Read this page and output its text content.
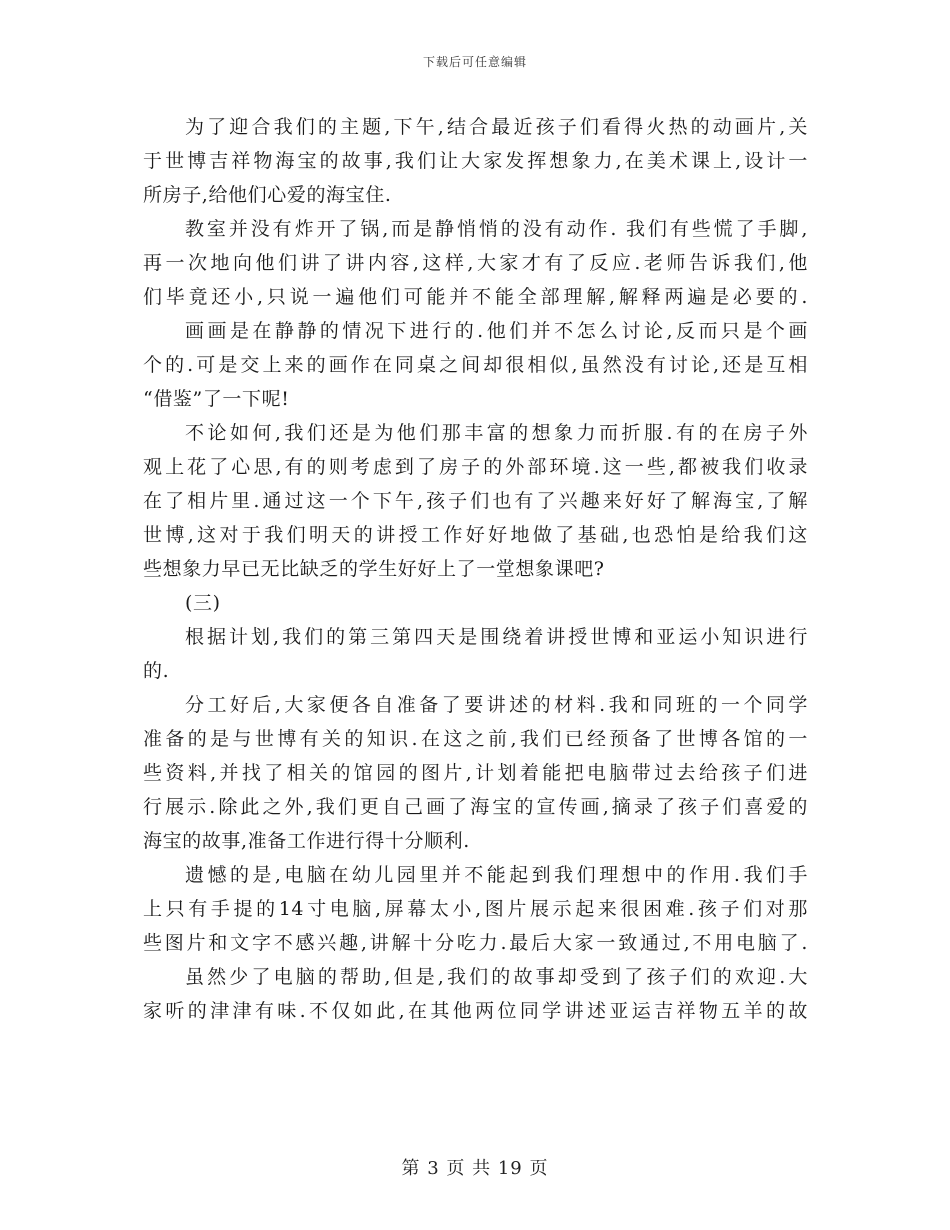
下载后可任意编辑
为了迎合我们的主题,下午,结合最近孩子们看得火热的动画片,关
于世博吉祥物海宝的故事,我们让大家发挥想象力,在美术课上,设计一
所房子,给他们心爱的海宝住.
教室并没有炸开了锅,而是静悄悄的没有动作. 我们有些慌了手脚,
再一次地向他们讲了讲内容,这样,大家才有了反应.老师告诉我们,他
们毕竟还小,只说一遍他们可能并不能全部理解,解释两遍是必要的.
画画是在静静的情况下进行的.他们并不怎么讨论,反而只是个画
个的.可是交上来的画作在同桌之间却很相似,虽然没有讨论,还是互相
“借鉴”了一下呢!
不论如何,我们还是为他们那丰富的想象力而折服.有的在房子外
观上花了心思,有的则考虑到了房子的外部环境.这一些,都被我们收录
在了相片里.通过这一个下午,孩子们也有了兴趣来好好了解海宝,了解
世博,这对于我们明天的讲授工作好好地做了基础,也恐怕是给我们这
些想象力早已无比缺乏的学生好好上了一堂想象课吧?
(三)
根据计划,我们的第三第四天是围绕着讲授世博和亚运小知识进行
的.
分工好后,大家便各自准备了要讲述的材料.我和同班的一个同学
准备的是与世博有关的知识.在这之前,我们已经预备了世博各馆的一
些资料,并找了相关的馆园的图片,计划着能把电脑带过去给孩子们进
行展示.除此之外,我们更自己画了海宝的宣传画,摘录了孩子们喜爱的
海宝的故事,准备工作进行得十分顺利.
遗憾的是,电脑在幼儿园里并不能起到我们理想中的作用.我们手
上只有手提的14寸电脑,屏幕太小,图片展示起来很困难.孩子们对那
些图片和文字不感兴趣,讲解十分吃力.最后大家一致通过,不用电脑了.
虽然少了电脑的帮助,但是,我们的故事却受到了孩子们的欢迎.大
家听的津津有味.不仅如此,在其他两位同学讲述亚运吉祥物五羊的故
第 3 页 共 19 页
